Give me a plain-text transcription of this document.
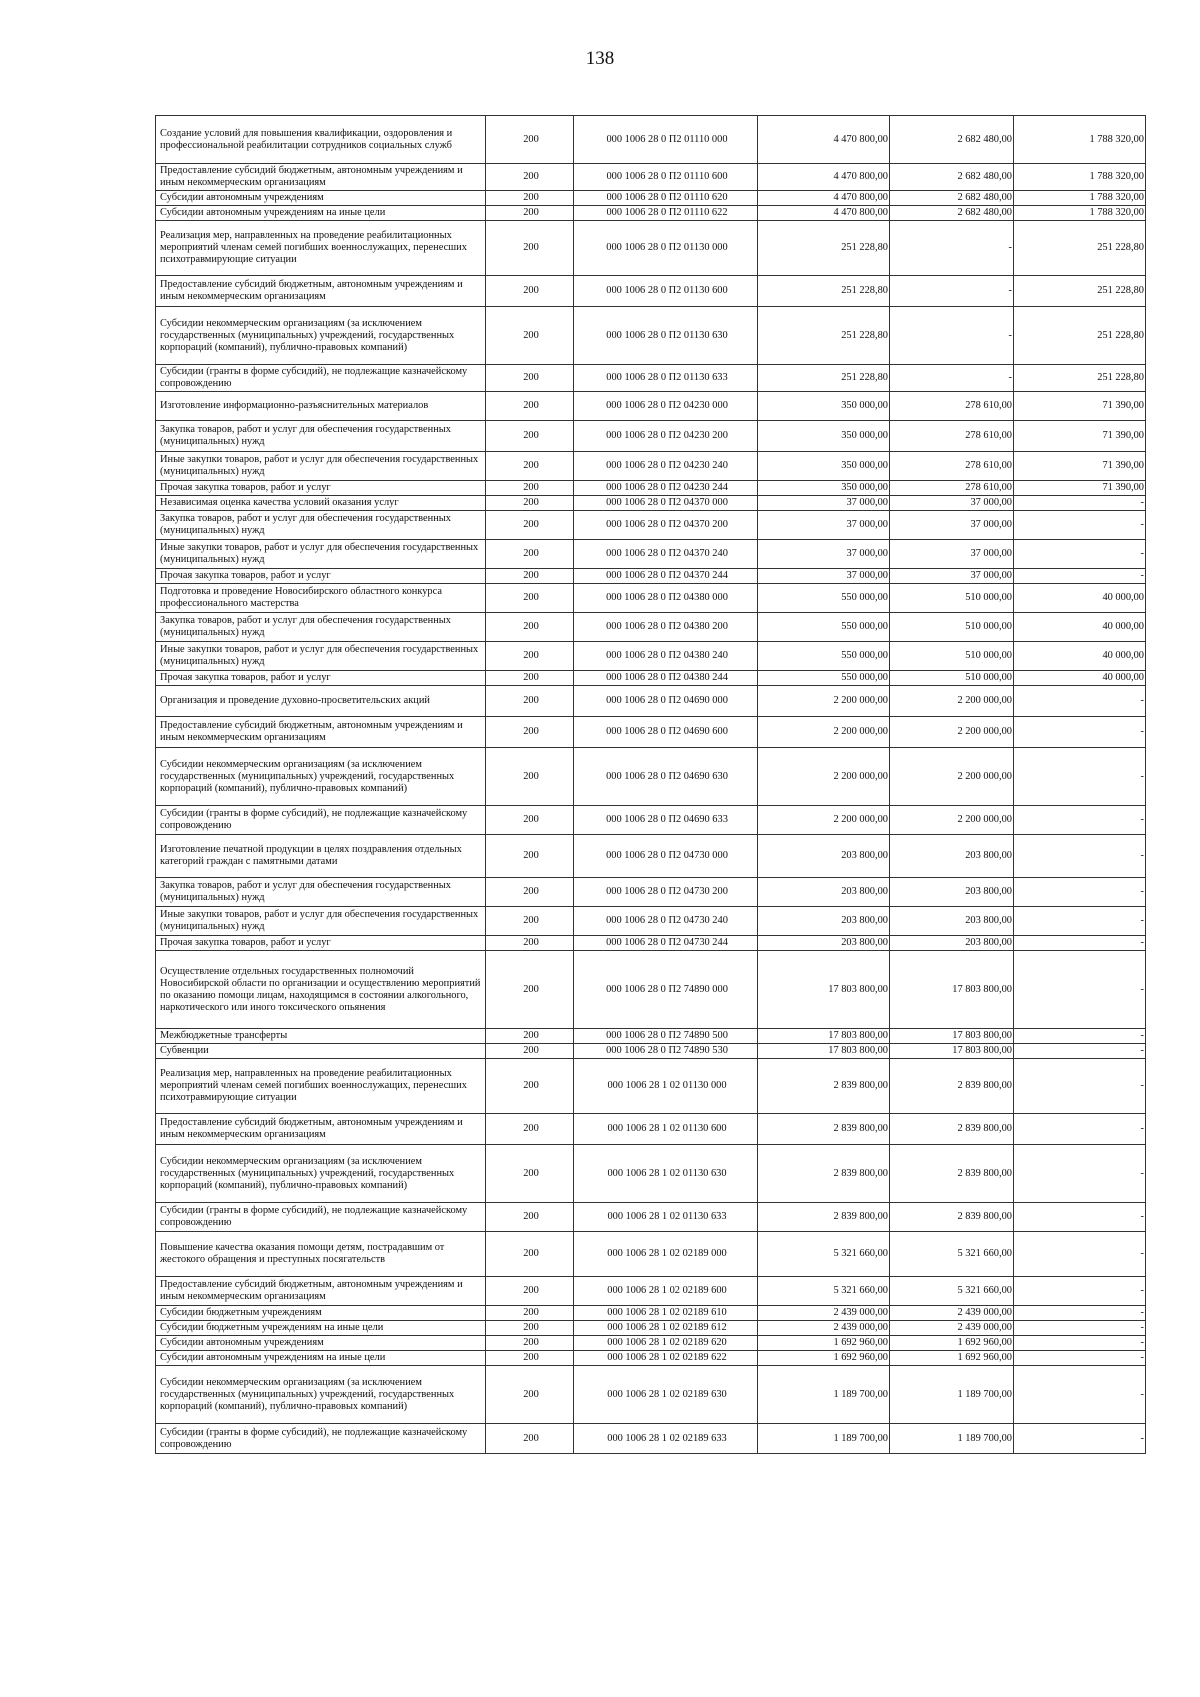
138
Создание условий для повышения квалификации, оздоровления и профессиональной реабилитации сотрудников социальных служб	200	000 1006 28 0 П2 01110 000	4 470 800,00	2 682 480,00	1 788 320,00
Предоставление субсидий бюджетным, автономным учреждениям и иным некоммерческим организациям	200	000 1006 28 0 П2 01110 600	4 470 800,00	2 682 480,00	1 788 320,00
Субсидии автономным учреждениям	200	000 1006 28 0 П2 01110 620	4 470 800,00	2 682 480,00	1 788 320,00
Субсидии автономным учреждениям на иные цели	200	000 1006 28 0 П2 01110 622	4 470 800,00	2 682 480,00	1 788 320,00
Реализация мер, направленных на проведение реабилитационных мероприятий членам семей погибших военнослужащих, перенесших психотравмирующие ситуации	200	000 1006 28 0 П2 01130 000	251 228,80	-	251 228,80
Предоставление субсидий бюджетным, автономным учреждениям и иным некоммерческим организациям	200	000 1006 28 0 П2 01130 600	251 228,80	-	251 228,80
Субсидии некоммерческим организациям (за исключением государственных (муниципальных) учреждений, государственных корпораций (компаний), публично-правовых компаний)	200	000 1006 28 0 П2 01130 630	251 228,80	-	251 228,80
Субсидии (гранты в форме субсидий), не подлежащие казначейскому сопровождению	200	000 1006 28 0 П2 01130 633	251 228,80	-	251 228,80
Изготовление информационно-разъяснительных материалов	200	000 1006 28 0 П2 04230 000	350 000,00	278 610,00	71 390,00
Закупка товаров, работ и услуг для обеспечения государственных (муниципальных) нужд	200	000 1006 28 0 П2 04230 200	350 000,00	278 610,00	71 390,00
Иные закупки товаров, работ и услуг для обеспечения государственных (муниципальных) нужд	200	000 1006 28 0 П2 04230 240	350 000,00	278 610,00	71 390,00
Прочая закупка товаров, работ и услуг	200	000 1006 28 0 П2 04230 244	350 000,00	278 610,00	71 390,00
Независимая оценка качества условий оказания услуг	200	000 1006 28 0 П2 04370 000	37 000,00	37 000,00	-
Закупка товаров, работ и услуг для обеспечения государственных (муниципальных) нужд	200	000 1006 28 0 П2 04370 200	37 000,00	37 000,00	-
Иные закупки товаров, работ и услуг для обеспечения государственных (муниципальных) нужд	200	000 1006 28 0 П2 04370 240	37 000,00	37 000,00	-
Прочая закупка товаров, работ и услуг	200	000 1006 28 0 П2 04370 244	37 000,00	37 000,00	-
Подготовка и проведение Новосибирского областного конкурса профессионального мастерства	200	000 1006 28 0 П2 04380 000	550 000,00	510 000,00	40 000,00
Закупка товаров, работ и услуг для обеспечения государственных (муниципальных) нужд	200	000 1006 28 0 П2 04380 200	550 000,00	510 000,00	40 000,00
Иные закупки товаров, работ и услуг для обеспечения государственных (муниципальных) нужд	200	000 1006 28 0 П2 04380 240	550 000,00	510 000,00	40 000,00
Прочая закупка товаров, работ и услуг	200	000 1006 28 0 П2 04380 244	550 000,00	510 000,00	40 000,00
Организация и проведение духовно-просветительских акций	200	000 1006 28 0 П2 04690 000	2 200 000,00	2 200 000,00	-
Предоставление субсидий бюджетным, автономным учреждениям и иным некоммерческим организациям	200	000 1006 28 0 П2 04690 600	2 200 000,00	2 200 000,00	-
Субсидии некоммерческим организациям (за исключением государственных (муниципальных) учреждений, государственных корпораций (компаний), публично-правовых компаний)	200	000 1006 28 0 П2 04690 630	2 200 000,00	2 200 000,00	-
Субсидии (гранты в форме субсидий), не подлежащие казначейскому сопровождению	200	000 1006 28 0 П2 04690 633	2 200 000,00	2 200 000,00	-
Изготовление печатной продукции в целях поздравления отдельных категорий граждан с памятными датами	200	000 1006 28 0 П2 04730 000	203 800,00	203 800,00	-
Закупка товаров, работ и услуг для обеспечения государственных (муниципальных) нужд	200	000 1006 28 0 П2 04730 200	203 800,00	203 800,00	-
Иные закупки товаров, работ и услуг для обеспечения государственных (муниципальных) нужд	200	000 1006 28 0 П2 04730 240	203 800,00	203 800,00	-
Прочая закупка товаров, работ и услуг	200	000 1006 28 0 П2 04730 244	203 800,00	203 800,00	-
Осуществление отдельных государственных полномочий Новосибирской области по организации и осуществлению мероприятий по оказанию помощи лицам, находящимся в состоянии алкогольного, наркотического или иного токсического опьянения	200	000 1006 28 0 П2 74890 000	17 803 800,00	17 803 800,00	-
Межбюджетные трансферты	200	000 1006 28 0 П2 74890 500	17 803 800,00	17 803 800,00	-
Субвенции	200	000 1006 28 0 П2 74890 530	17 803 800,00	17 803 800,00	-
Реализация мер, направленных на проведение реабилитационных мероприятий членам семей погибших военнослужащих, перенесших психотравмирующие ситуации	200	000 1006 28 1 02 01130 000	2 839 800,00	2 839 800,00	-
Предоставление субсидий бюджетным, автономным учреждениям и иным некоммерческим организациям	200	000 1006 28 1 02 01130 600	2 839 800,00	2 839 800,00	-
Субсидии некоммерческим организациям (за исключением государственных (муниципальных) учреждений, государственных корпораций (компаний), публично-правовых компаний)	200	000 1006 28 1 02 01130 630	2 839 800,00	2 839 800,00	-
Субсидии (гранты в форме субсидий), не подлежащие казначейскому сопровождению	200	000 1006 28 1 02 01130 633	2 839 800,00	2 839 800,00	-
Повышение качества оказания помощи детям, пострадавшим от жестокого обращения и преступных посягательств	200	000 1006 28 1 02 02189 000	5 321 660,00	5 321 660,00	-
Предоставление субсидий бюджетным, автономным учреждениям и иным некоммерческим организациям	200	000 1006 28 1 02 02189 600	5 321 660,00	5 321 660,00	-
Субсидии бюджетным учреждениям	200	000 1006 28 1 02 02189 610	2 439 000,00	2 439 000,00	-
Субсидии бюджетным учреждениям на иные цели	200	000 1006 28 1 02 02189 612	2 439 000,00	2 439 000,00	-
Субсидии автономным учреждениям	200	000 1006 28 1 02 02189 620	1 692 960,00	1 692 960,00	-
Субсидии автономным учреждениям на иные цели	200	000 1006 28 1 02 02189 622	1 692 960,00	1 692 960,00	-
Субсидии некоммерческим организациям (за исключением государственных (муниципальных) учреждений, государственных корпораций (компаний), публично-правовых компаний)	200	000 1006 28 1 02 02189 630	1 189 700,00	1 189 700,00	-
Субсидии (гранты в форме субсидий), не подлежащие казначейскому сопровождению	200	000 1006 28 1 02 02189 633	1 189 700,00	1 189 700,00	-
